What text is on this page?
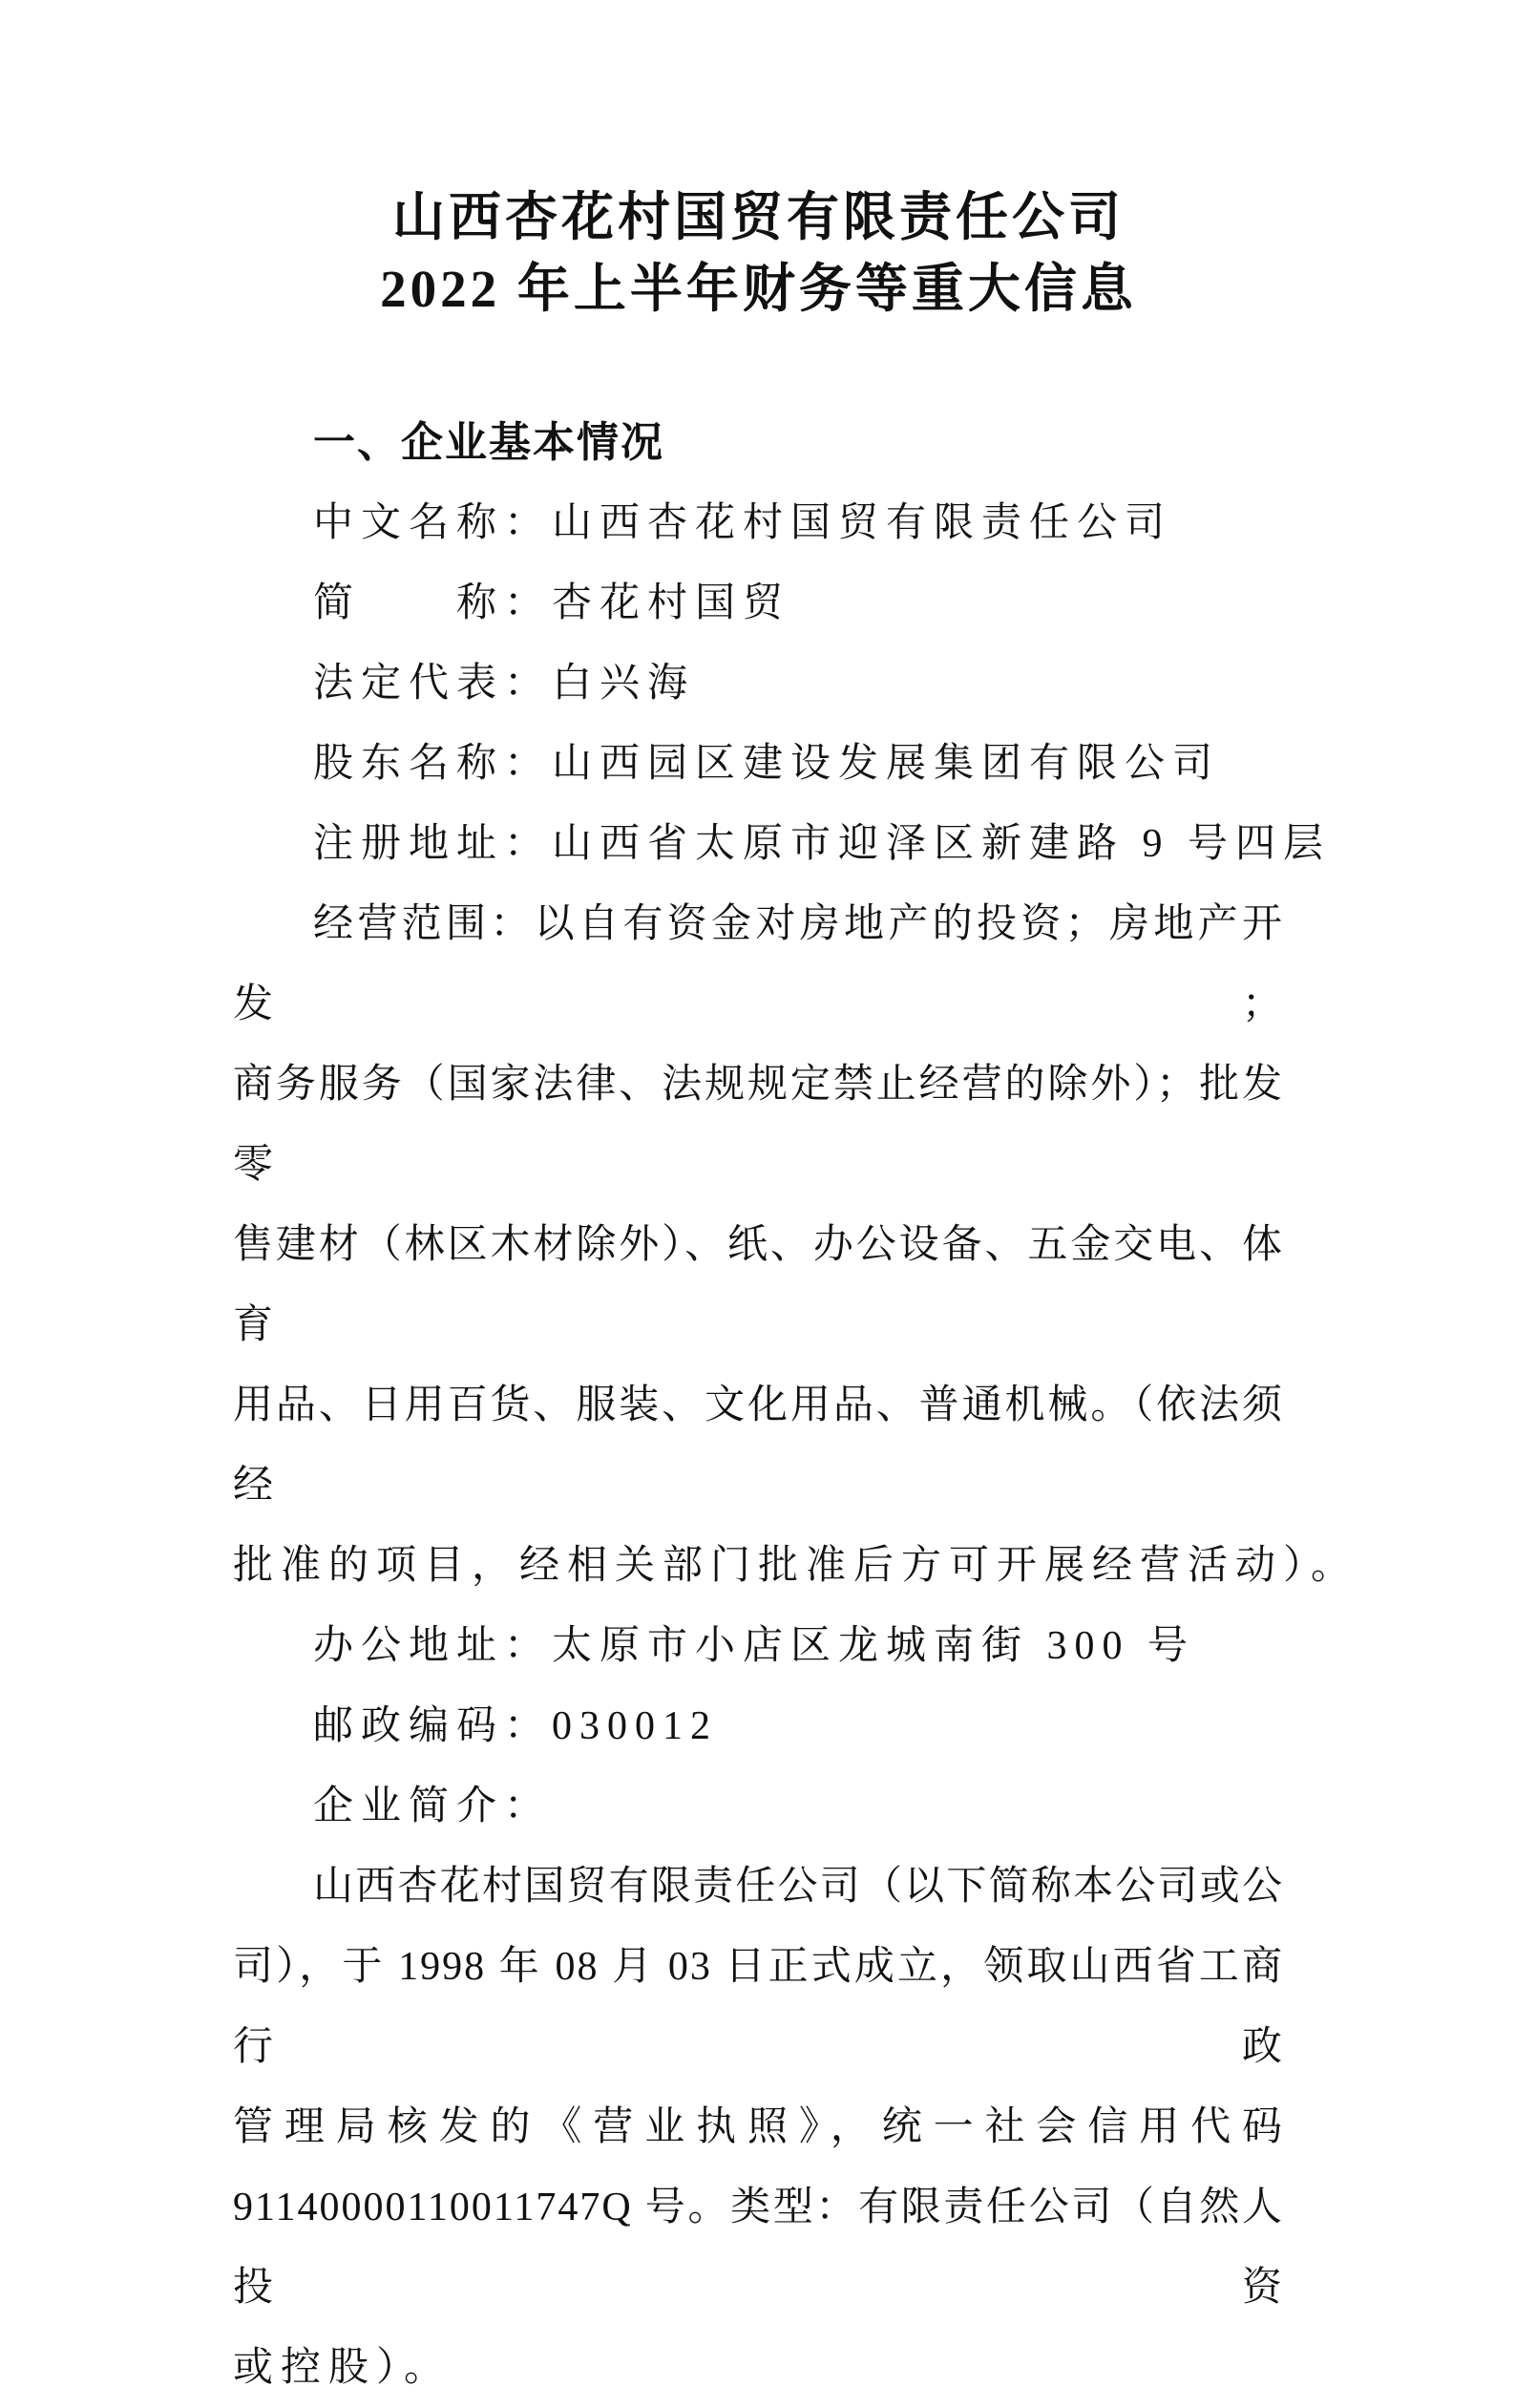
山西杏花村国贸有限责任公司
2022 年上半年财务等重大信息
一、企业基本情况
中文名称：山西杏花村国贸有限责任公司
简　　称：杏花村国贸
法定代表：白兴海
股东名称：山西园区建设发展集团有限公司
注册地址：山西省太原市迎泽区新建路 9 号四层
经营范围：以自有资金对房地产的投资；房地产开发；
商务服务（国家法律、法规规定禁止经营的除外）；批发零
售建材（林区木材除外）、纸、办公设备、五金交电、体育
用品、日用百货、服装、文化用品、普通机械。（依法须经
批准的项目，经相关部门批准后方可开展经营活动）。
办公地址：太原市小店区龙城南街 300 号
邮政编码：030012
企业简介：
山西杏花村国贸有限责任公司（以下简称本公司或公
司），于 1998 年 08 月 03 日正式成立，领取山西省工商行政
管理局核发的《营业执照》，统一社会信用代码
91140000110011747Q 号。类型：有限责任公司（自然人投资
或控股）。
